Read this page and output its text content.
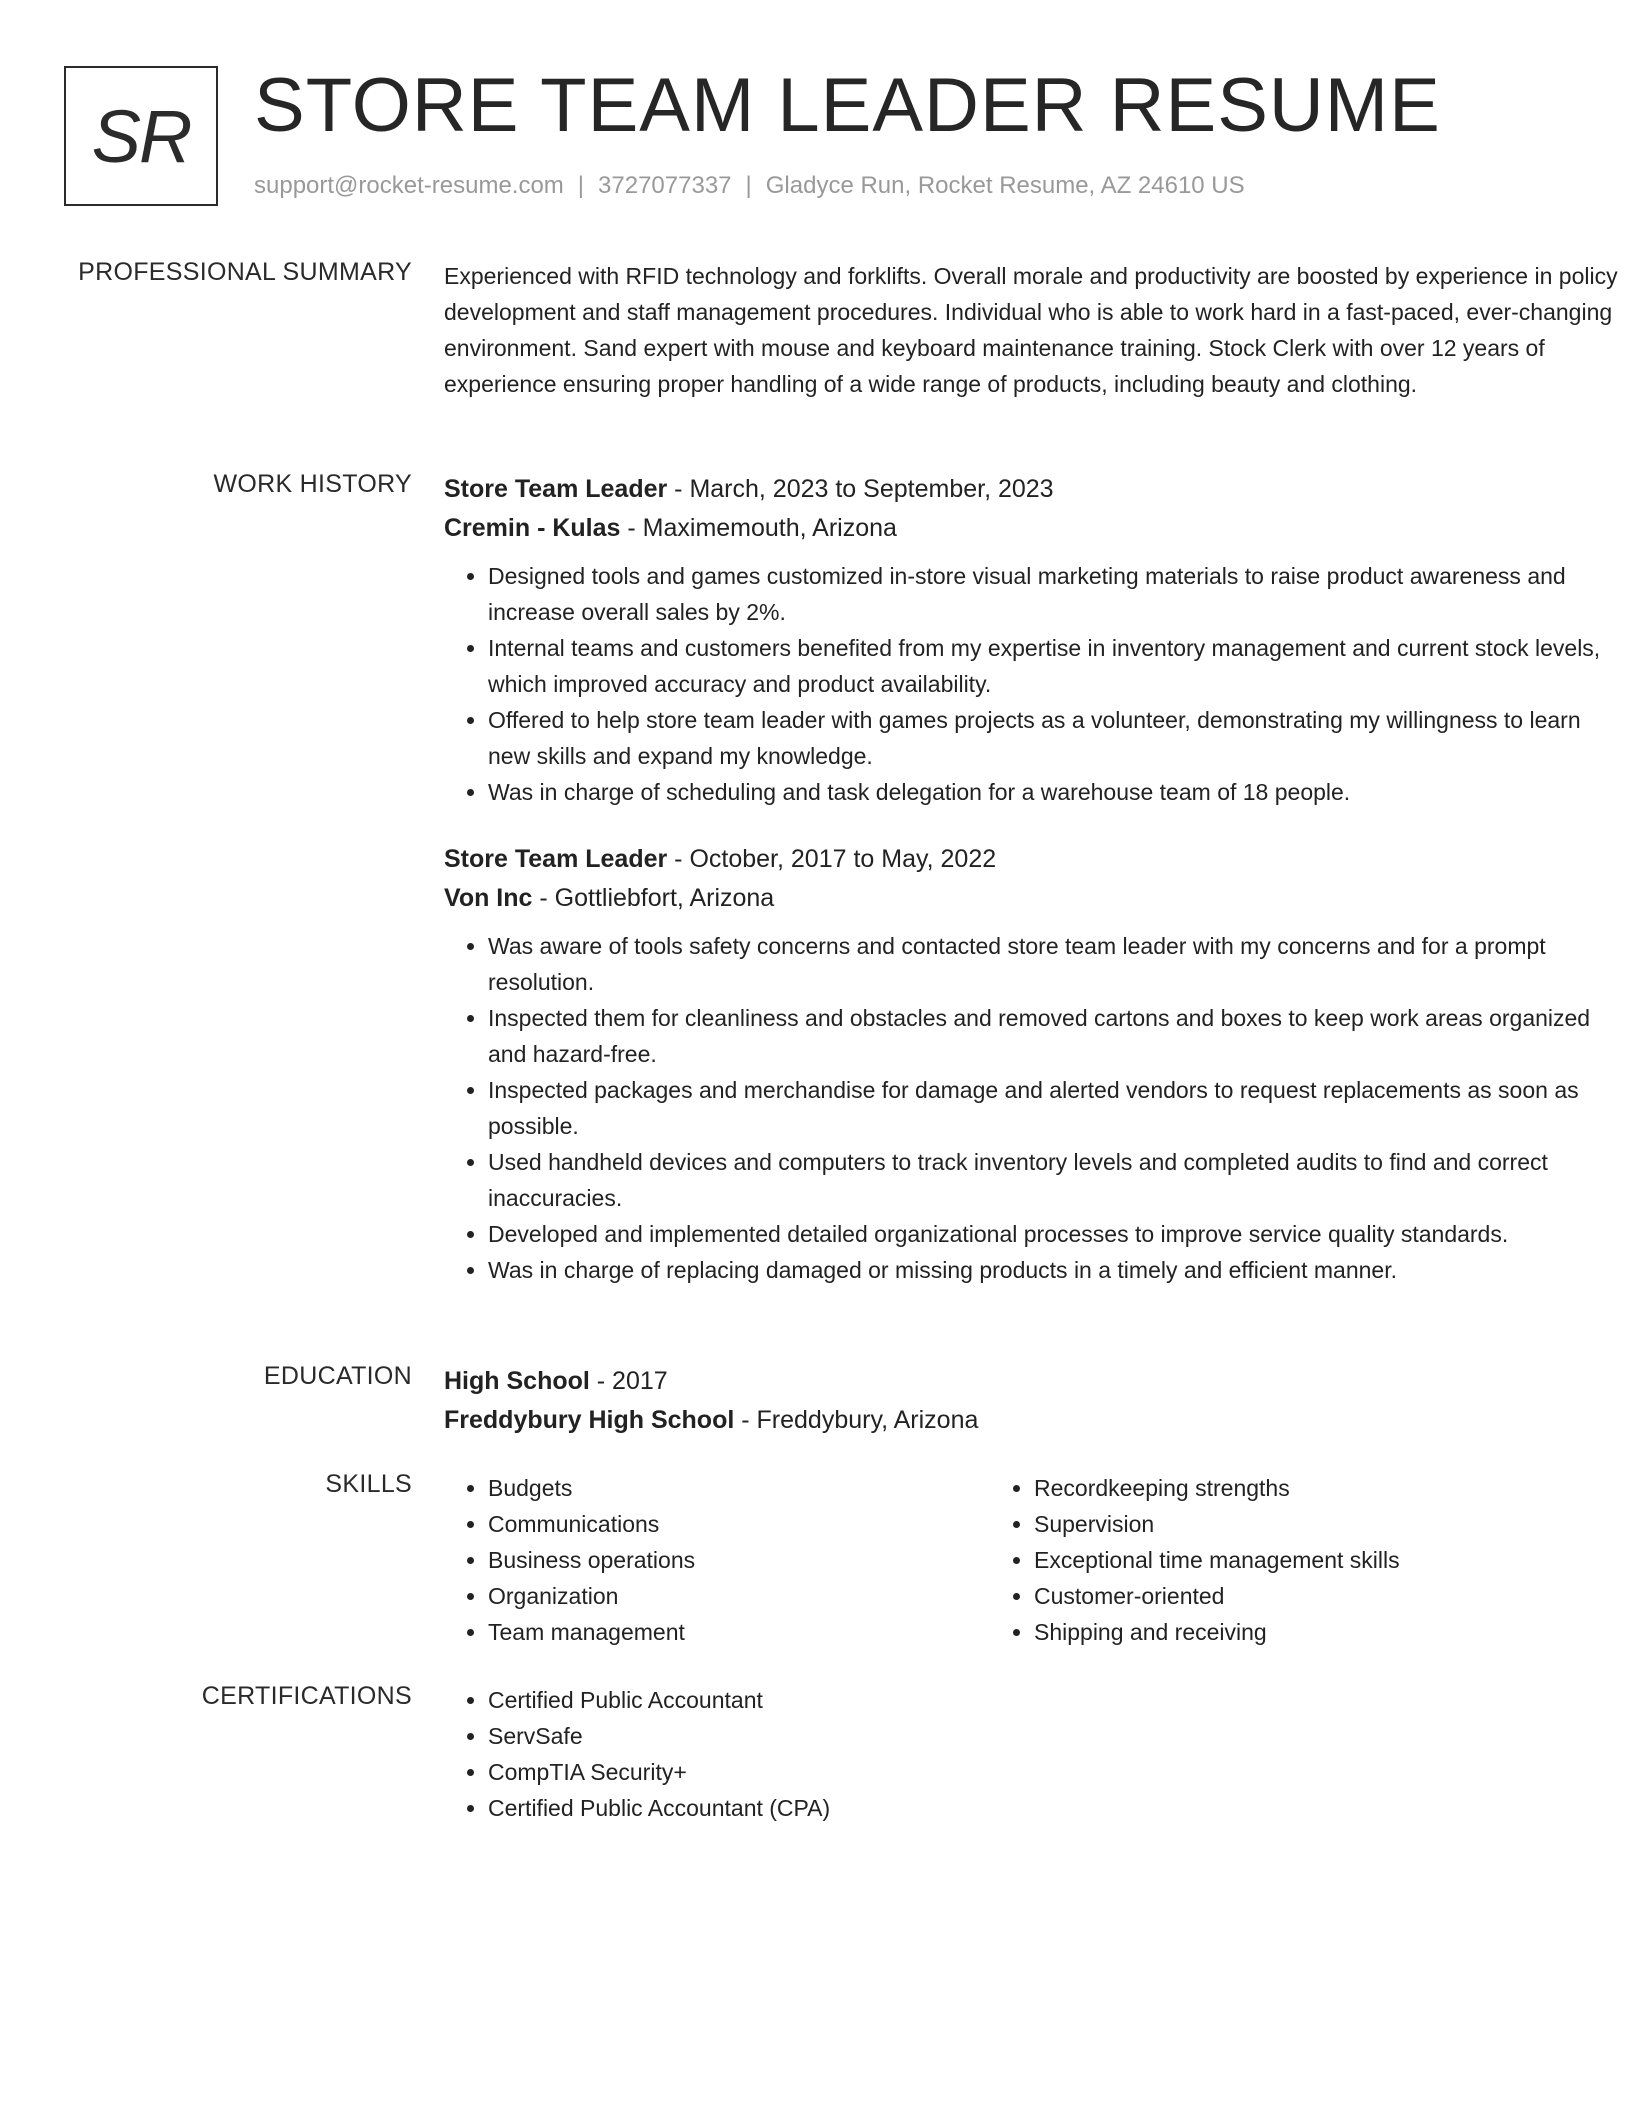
SR STORE TEAM LEADER RESUME
support@rocket-resume.com | 3727077337 | Gladyce Run, Rocket Resume, AZ 24610 US
PROFESSIONAL SUMMARY Experienced with RFID technology and forklifts. Overall morale and productivity are boosted by experience in policy development and staff management procedures. Individual who is able to work hard in a fast-paced, ever-changing environment. Sand expert with mouse and keyboard maintenance training. Stock Clerk with over 12 years of experience ensuring proper handling of a wide range of products, including beauty and clothing.
WORK HISTORY Store Team Leader - March, 2023 to September, 2023
Cremin - Kulas - Maximemouth, Arizona
• Designed tools and games customized in-store visual marketing materials to raise product awareness and increase overall sales by 2%.
• Internal teams and customers benefited from my expertise in inventory management and current stock levels, which improved accuracy and product availability.
• Offered to help store team leader with games projects as a volunteer, demonstrating my willingness to learn new skills and expand my knowledge.
• Was in charge of scheduling and task delegation for a warehouse team of 18 people.
Store Team Leader - October, 2017 to May, 2022
Von Inc - Gottliebfort, Arizona
• Was aware of tools safety concerns and contacted store team leader with my concerns and for a prompt resolution.
• Inspected them for cleanliness and obstacles and removed cartons and boxes to keep work areas organized and hazard-free.
• Inspected packages and merchandise for damage and alerted vendors to request replacements as soon as possible.
• Used handheld devices and computers to track inventory levels and completed audits to find and correct inaccuracies.
• Developed and implemented detailed organizational processes to improve service quality standards.
• Was in charge of replacing damaged or missing products in a timely and efficient manner.
EDUCATION High School - 2017
Freddybury High School - Freddybury, Arizona
SKILLS	• Budgets
• Communications
• Business operations
• Organization
• Team management
• Recordkeeping strengths
• Supervision
• Exceptional time management skills
• Customer-oriented
• Shipping and receiving
CERTIFICATIONS	• Certified Public Accountant
• ServSafe
• CompTIA Security+
• Certified Public Accountant (CPA)
